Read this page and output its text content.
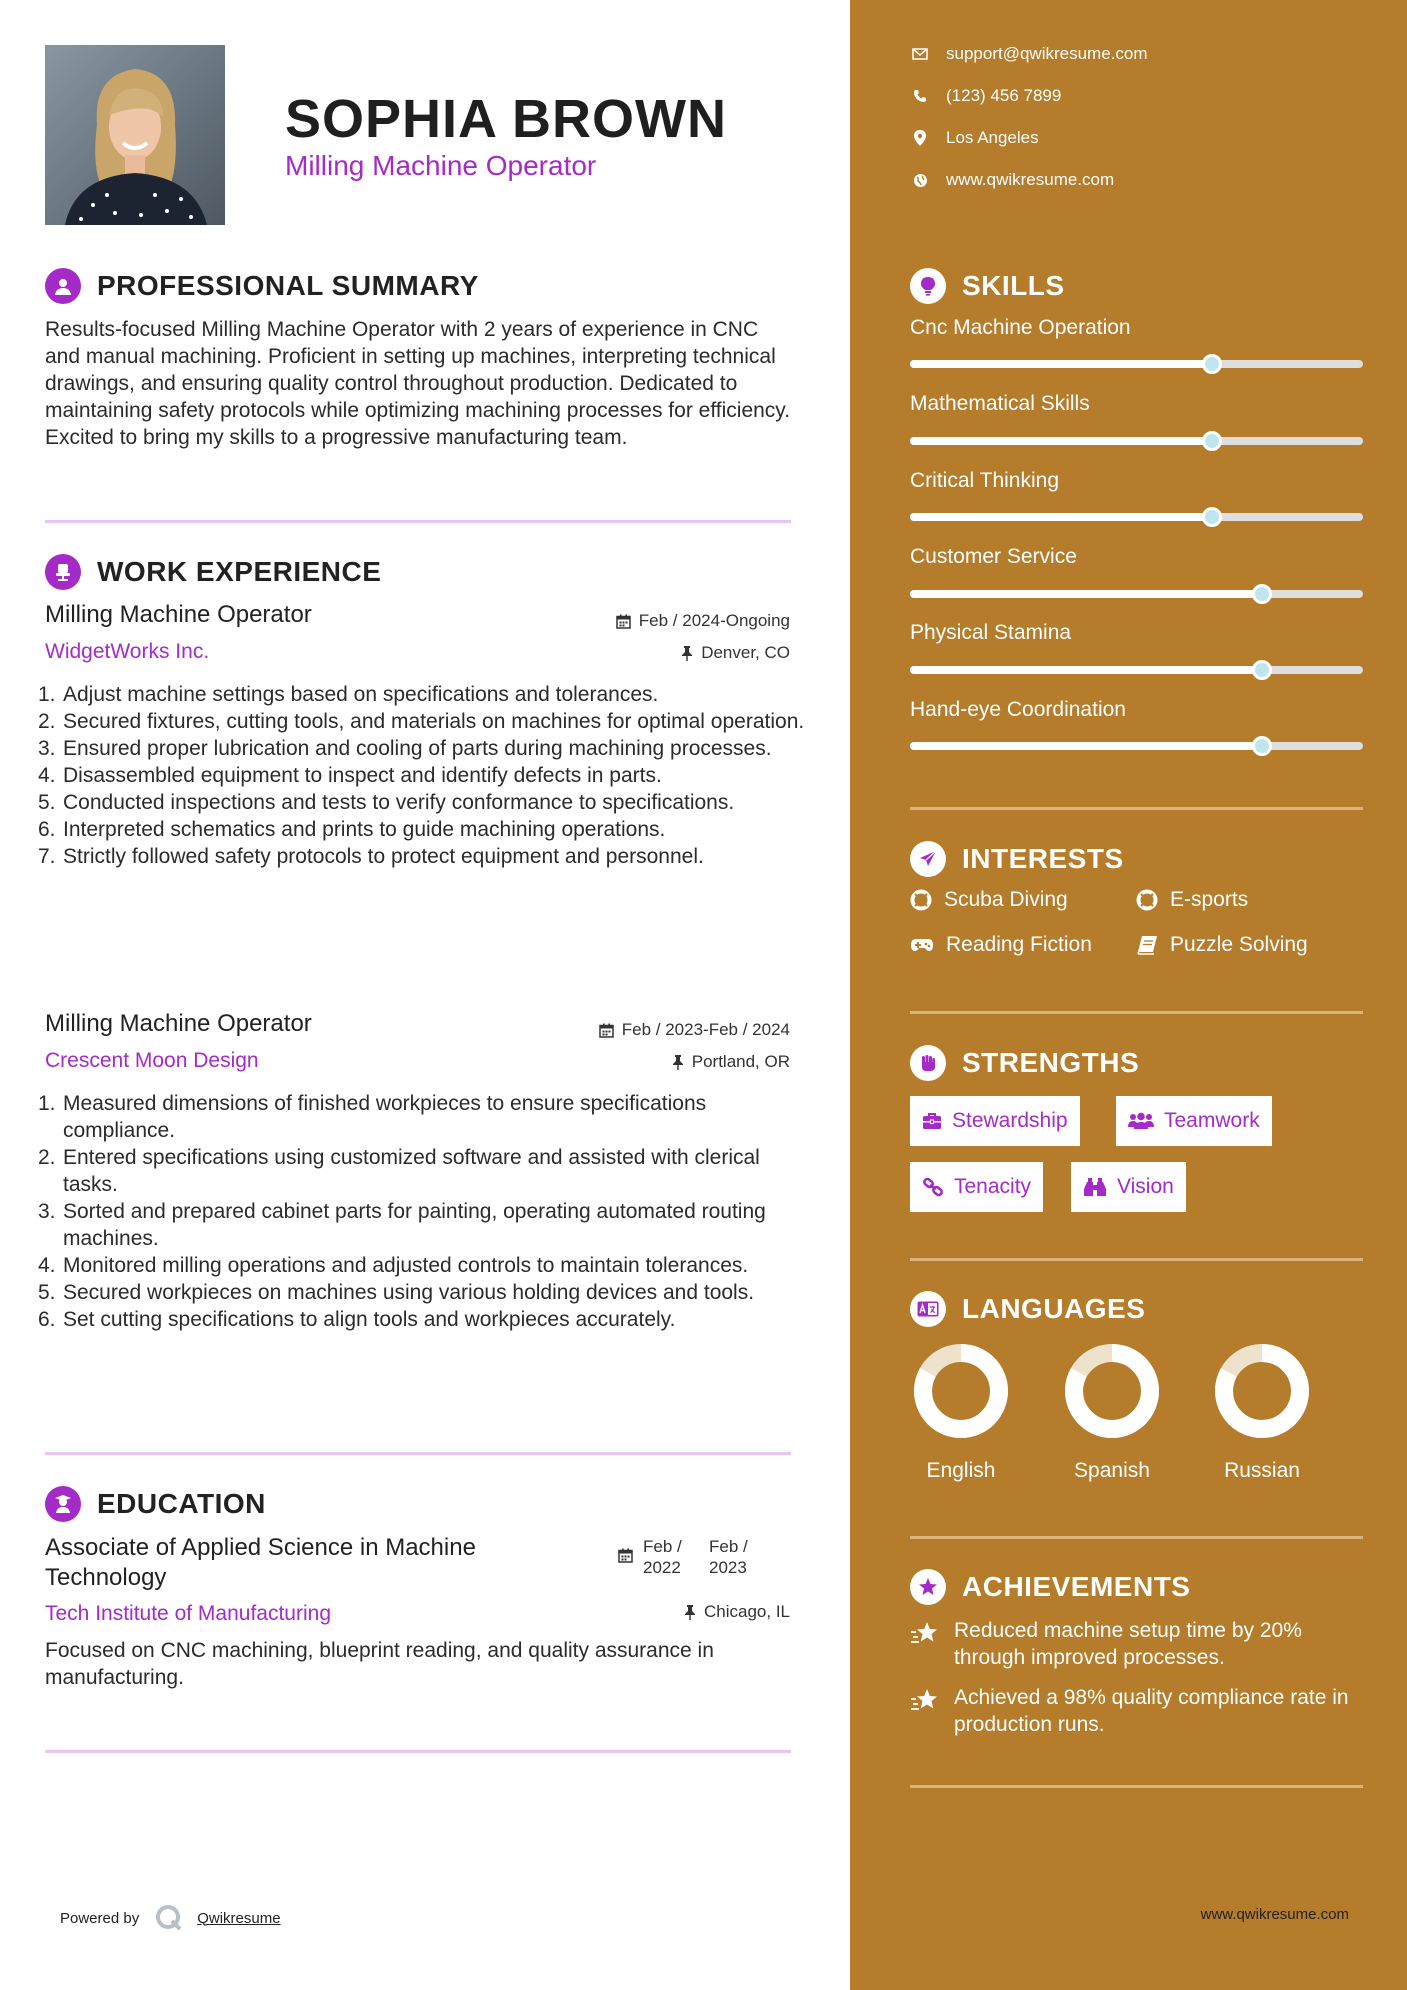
SOPHIA BROWN
Milling Machine Operator
PROFESSIONAL SUMMARY
Results-focused Milling Machine Operator with 2 years of experience in CNC and manual machining. Proficient in setting up machines, interpreting technical drawings, and ensuring quality control throughout production. Dedicated to maintaining safety protocols while optimizing machining processes for efficiency. Excited to bring my skills to a progressive manufacturing team.
WORK EXPERIENCE
Milling Machine Operator	Feb / 2024-Ongoing
WidgetWorks Inc.	Denver, CO
1. Adjust machine settings based on specifications and tolerances.
2. Secured fixtures, cutting tools, and materials on machines for optimal operation.
3. Ensured proper lubrication and cooling of parts during machining processes.
4. Disassembled equipment to inspect and identify defects in parts.
5. Conducted inspections and tests to verify conformance to specifications.
6. Interpreted schematics and prints to guide machining operations.
7. Strictly followed safety protocols to protect equipment and personnel.
Milling Machine Operator	Feb / 2023-Feb / 2024
Crescent Moon Design	Portland, OR
1. Measured dimensions of finished workpieces to ensure specifications compliance.
2. Entered specifications using customized software and assisted with clerical tasks.
3. Sorted and prepared cabinet parts for painting, operating automated routing machines.
4. Monitored milling operations and adjusted controls to maintain tolerances.
5. Secured workpieces on machines using various holding devices and tools.
6. Set cutting specifications to align tools and workpieces accurately.
EDUCATION
Associate of Applied Science in Machine Technology
Feb / 2022
Feb / 2023
Tech Institute of Manufacturing	Chicago, IL
Focused on CNC machining, blueprint reading, and quality assurance in manufacturing.
Powered by	Qwikresume
support@qwikresume.com
(123) 456 7899
Los Angeles
www.qwikresume.com
SKILLS
Cnc Machine Operation
Mathematical Skills
Critical Thinking
Customer Service
Physical Stamina
Hand-eye Coordination
INTERESTS
Scuba Diving	E-sports
Reading Fiction	Puzzle Solving
STRENGTHS
Stewardship	Teamwork
Tenacity	Vision
LANGUAGES
English	Spanish	Russian
ACHIEVEMENTS
Reduced machine setup time by 20% through improved processes.
Achieved a 98% quality compliance rate in production runs.
www.qwikresume.com
